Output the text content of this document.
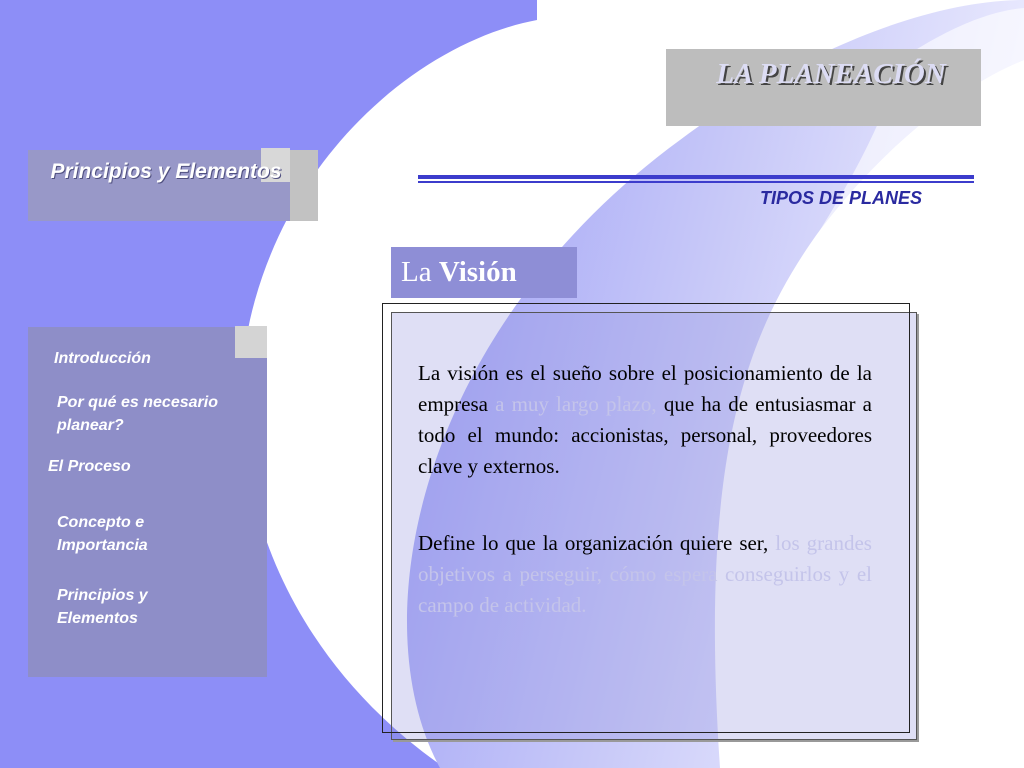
LA PLANEACIÓN
Principios y Elementos
TIPOS DE PLANES
La Visión
Introducción
Por qué es necesario
planear?
El Proceso
Concepto e
Importancia
Principios y
Elementos
La visión es el sueño sobre el posicionamiento de la empresa a muy largo plazo, que ha de entusiasmar a todo el mundo: accionistas, personal, proveedores clave y externos.
Define lo que la organización quiere ser, los grandes objetivos a perseguir, cómo espera conseguirlos y el campo de actividad.
